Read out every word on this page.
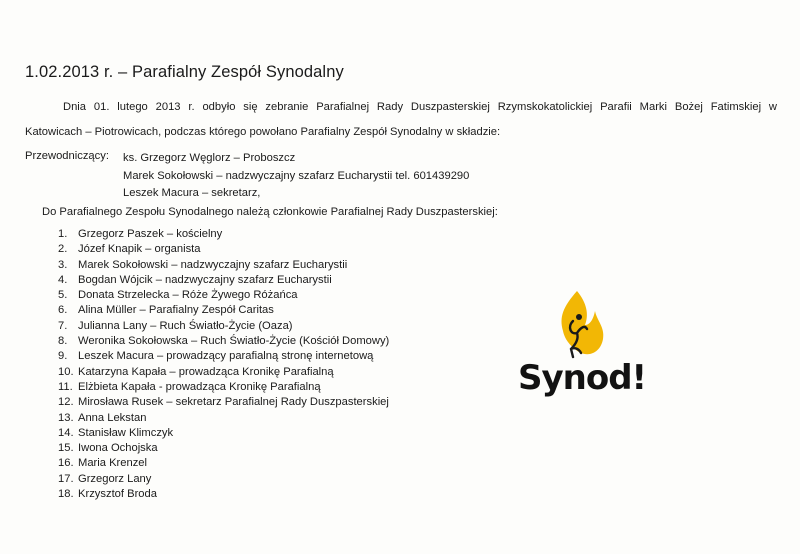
1.02.2013 r. – Parafialny Zespół Synodalny
Dnia 01. lutego 2013 r. odbyło się zebranie Parafialnej Rady Duszpasterskiej Rzymskokatolickiej Parafii Marki Bożej Fatimskiej w
Katowicach – Piotrowicach, podczas którego powołano Parafialny Zespół Synodalny w składzie:
Przewodniczący: ks. Grzegorz Węglorz – Proboszcz
Marek Sokołowski – nadzwyczajny szafarz Eucharystii tel. 601439290
Leszek Macura – sekretarz,
Do Parafialnego Zespołu Synodalnego należą członkowie Parafialnej Rady Duszpasterskiej:
1. Grzegorz Paszek – kościelny
2. Józef Knapik – organista
3. Marek Sokołowski – nadzwyczajny szafarz Eucharystii
4. Bogdan Wójcik – nadzwyczajny szafarz Eucharystii
5. Donata Strzelecka – Róże Żywego Różańca
6. Alina Müller – Parafialny Zespół Caritas
7. Julianna Lany – Ruch Światło-Życie (Oaza)
8. Weronika Sokołowska – Ruch Światło-Życie (Kościół Domowy)
9. Leszek Macura – prowadzący parafialną stronę internetową
10. Katarzyna Kapała – prowadząca Kronikę Parafialną
11. Elżbieta Kapała - prowadząca Kronikę Parafialną
12. Mirosława Rusek – sekretarz Parafialnej Rady Duszpasterskiej
13. Anna Lekstan
14. Stanisław Klimczyk
15. Iwona Ochojska
16. Maria Krenzel
17. Grzegorz Lany
18. Krzysztof Broda
Synod!
